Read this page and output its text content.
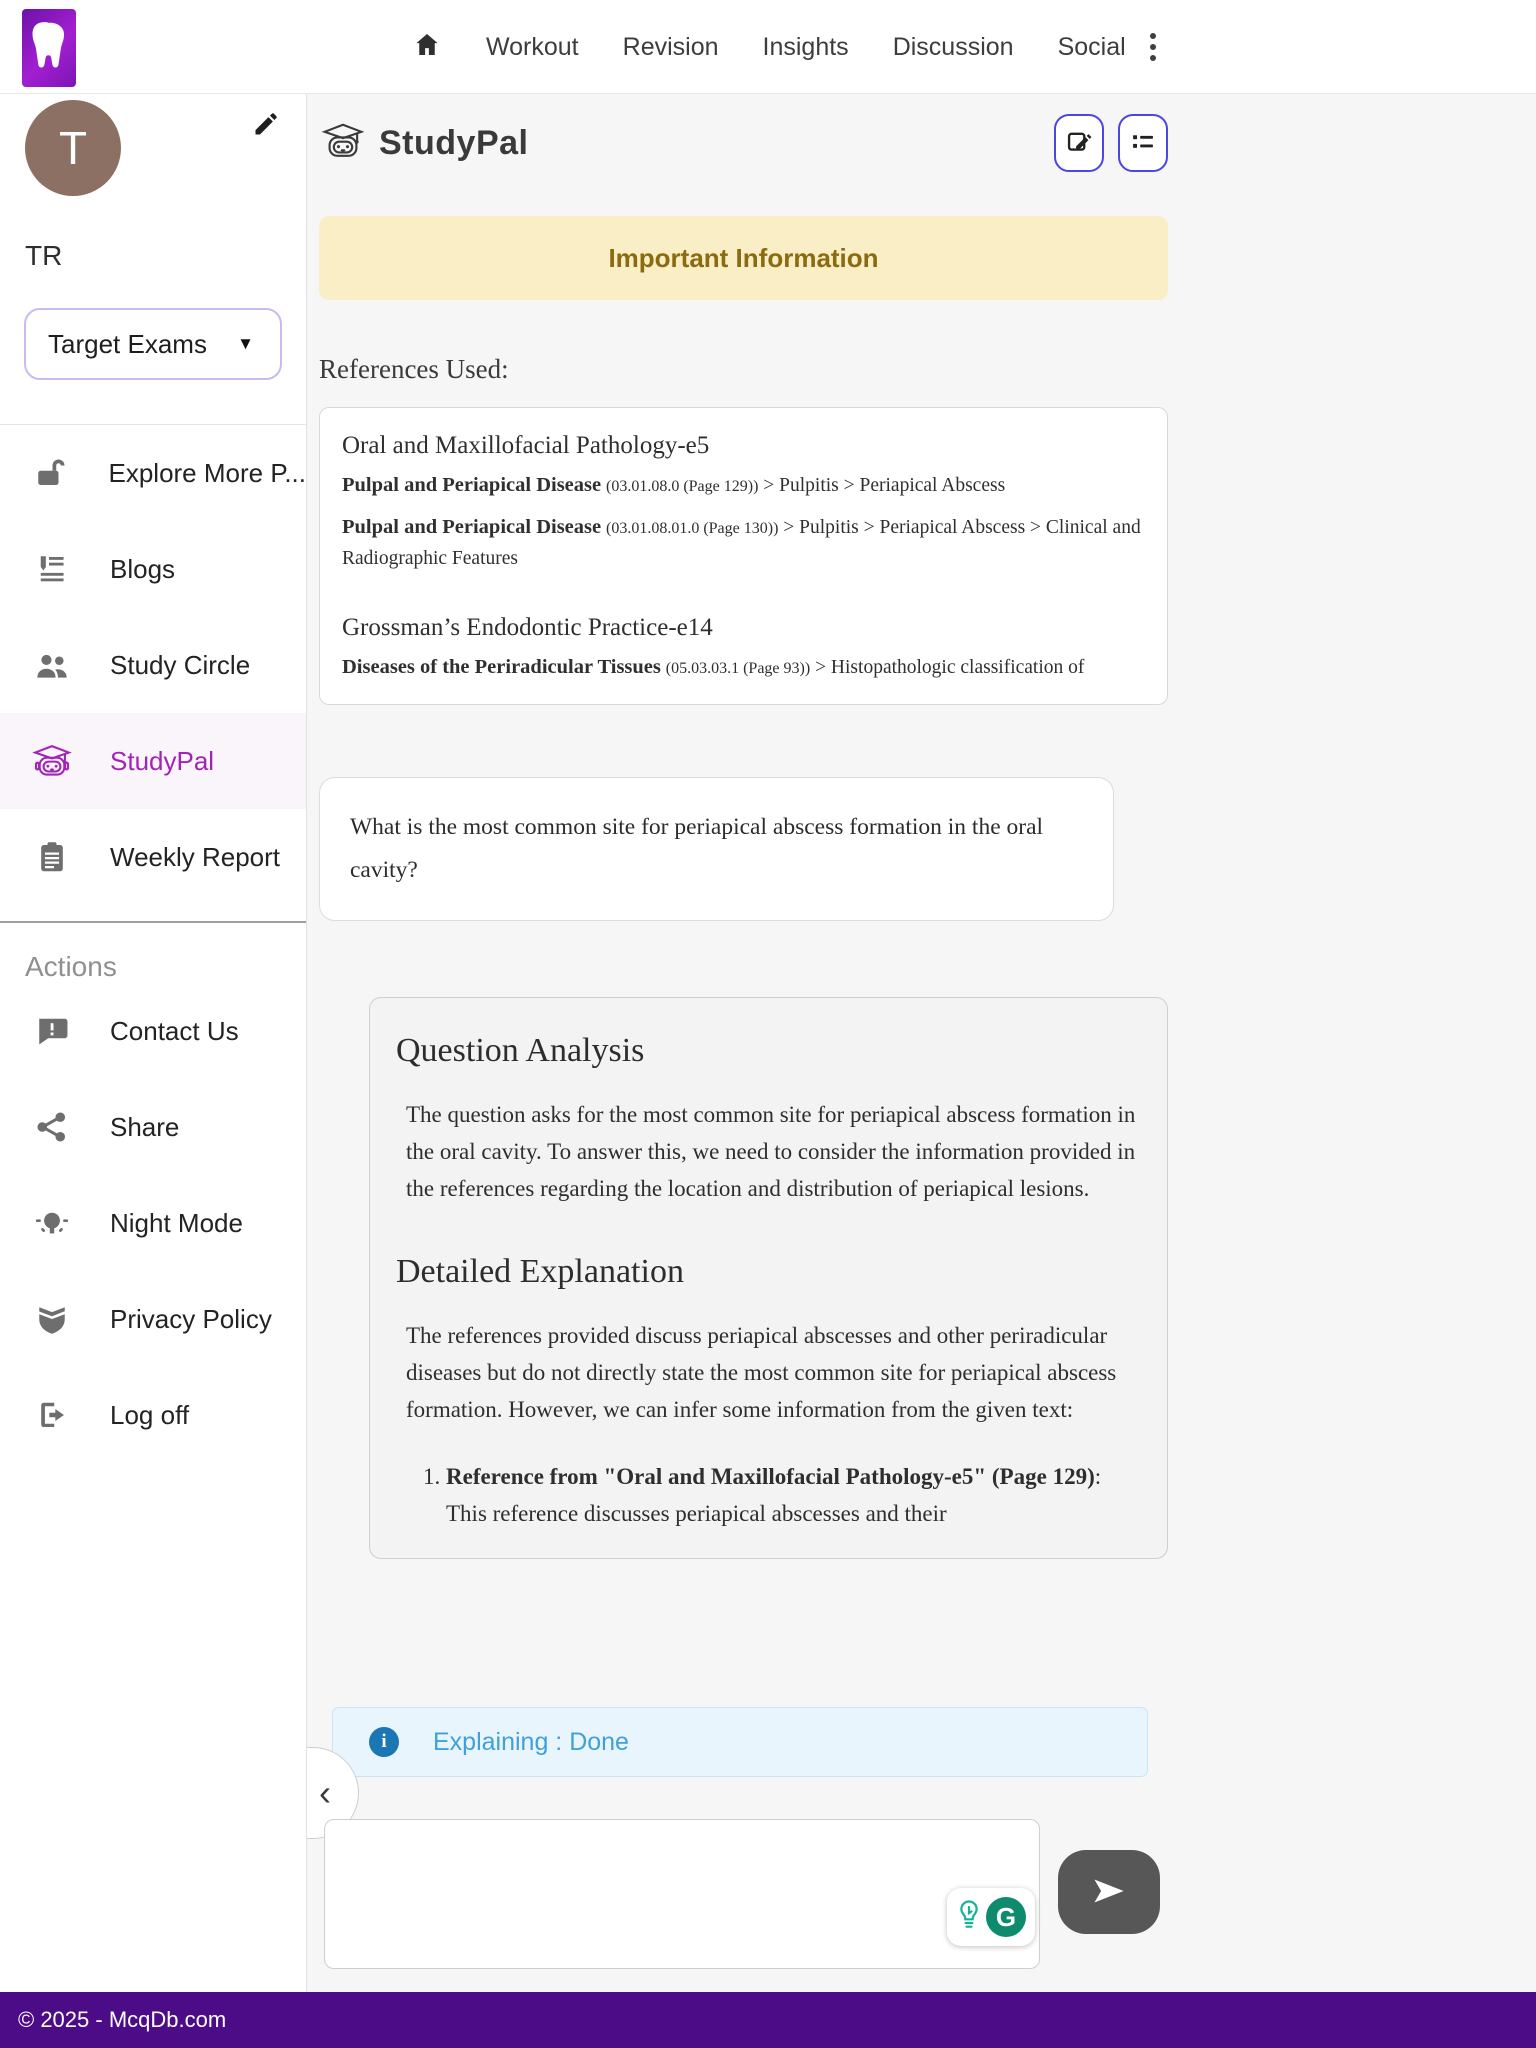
Workout Revision Insights Discussion Social
T
TR
Target Exams ▼
Explore More P...
Blogs
Study Circle
StudyPal
Weekly Report
Actions
Contact Us
Share
Night Mode
Privacy Policy
Log off
StudyPal
Important Information
References Used:
Oral and Maxillofacial Pathology-e5
Pulpal and Periapical Disease (03.01.08.0 (Page 129)) > Pulpitis > Periapical Abscess
Pulpal and Periapical Disease (03.01.08.01.0 (Page 130)) > Pulpitis > Periapical Abscess > Clinical and Radiographic Features
Grossman’s Endodontic Practice-e14
Diseases of the Periradicular Tissues (05.03.03.1 (Page 93)) > Histopathologic classification of

What is the most common site for periapical abscess formation in the oral cavity?

Question Analysis

The question asks for the most common site for periapical abscess formation in the oral cavity. To answer this, we need to consider the information provided in the references regarding the location and distribution of periapical lesions.

Detailed Explanation

The references provided discuss periapical abscesses and other periradicular diseases but do not directly state the most common site for periapical abscess formation. However, we can infer some information from the given text:

1. Reference from "Oral and Maxillofacial Pathology-e5" (Page 129): This reference discusses periapical abscesses and their
i	Explaining : Done
‹
G
© 2025 - McqDb.com
